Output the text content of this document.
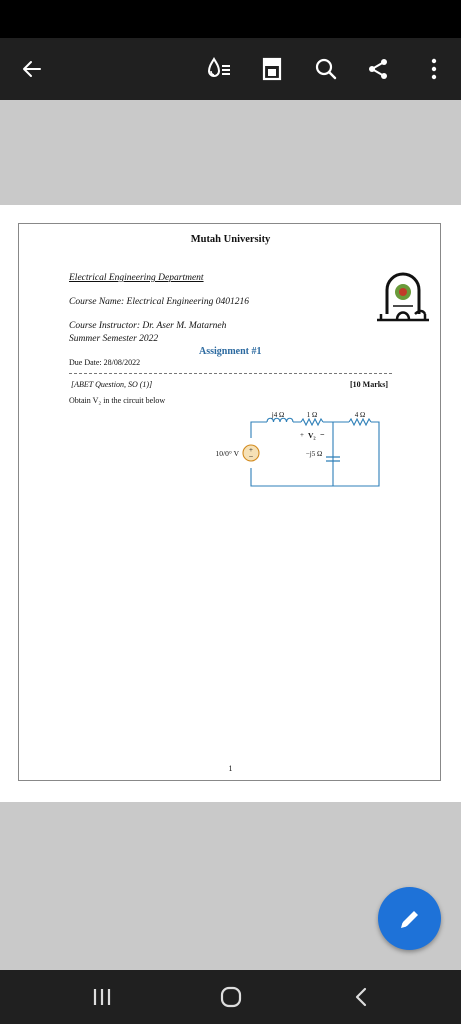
Mutah University
Electrical Engineering Department
Course Name: Electrical Engineering 0401216
Course Instructor: Dr. Aser M. Matarneh
Summer Semester 2022
Assignment #1
Due Date: 28/08/2022
[ABET Question, SO (1)]	[10 Marks]
Obtain V₂ in the circuit below
+
−
j4 Ω	1 Ω	4 Ω
+ V₂ −
−j5 Ω
10/0° V
1
